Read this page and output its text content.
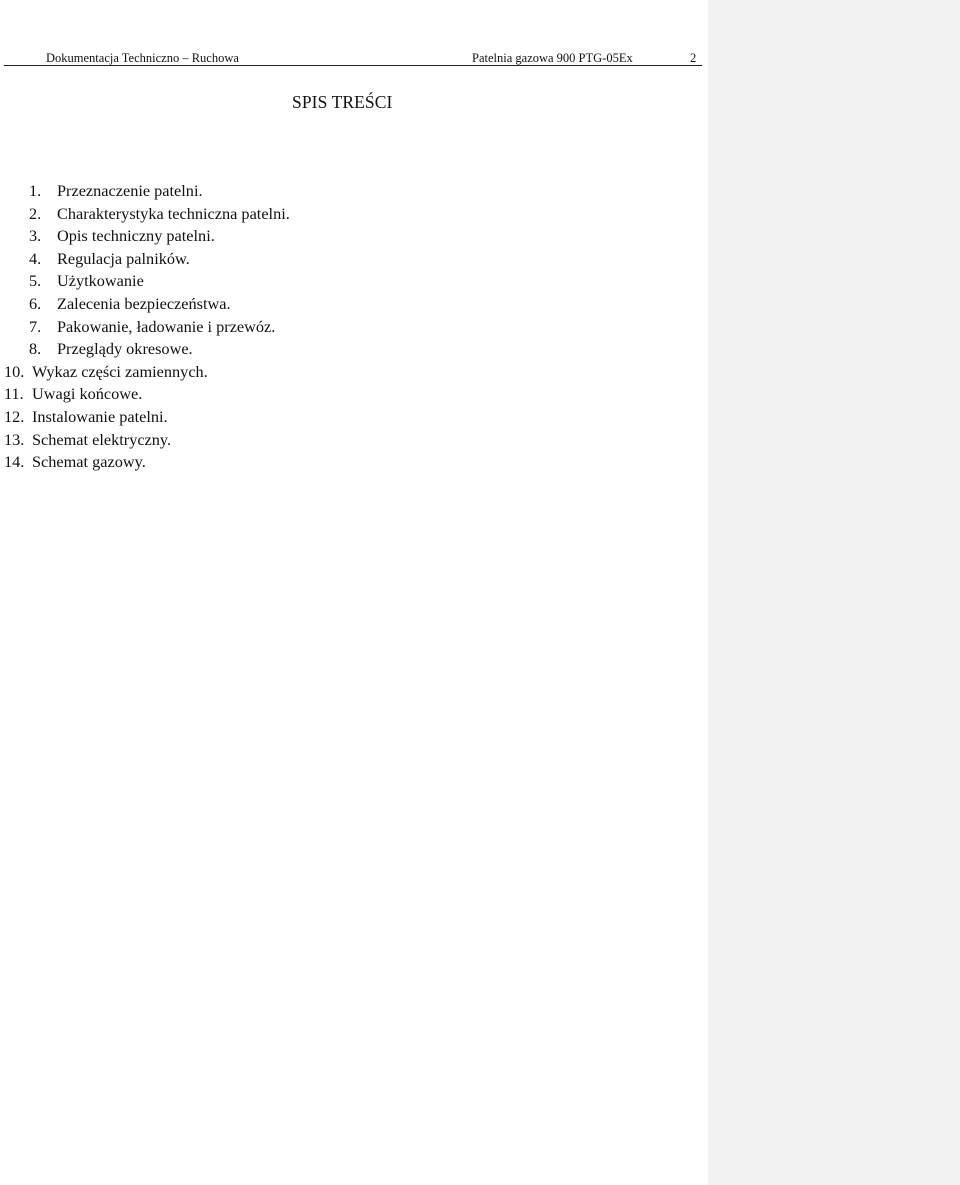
Dokumentacja Techniczno – Ruchowa	Patelnia gazowa 900 PTG-05Ex	2
SPIS TREŚCI
1. Przeznaczenie patelni.
2. Charakterystyka techniczna patelni.
3. Opis techniczny patelni.
4. Regulacja palników.
5. Użytkowanie
6. Zalecenia bezpieczeństwa.
7. Pakowanie, ładowanie i przewóz.
8. Przeglądy okresowe.
10. Wykaz części zamiennych.
11. Uwagi końcowe.
12. Instalowanie patelni.
13. Schemat elektryczny.
14. Schemat gazowy.
